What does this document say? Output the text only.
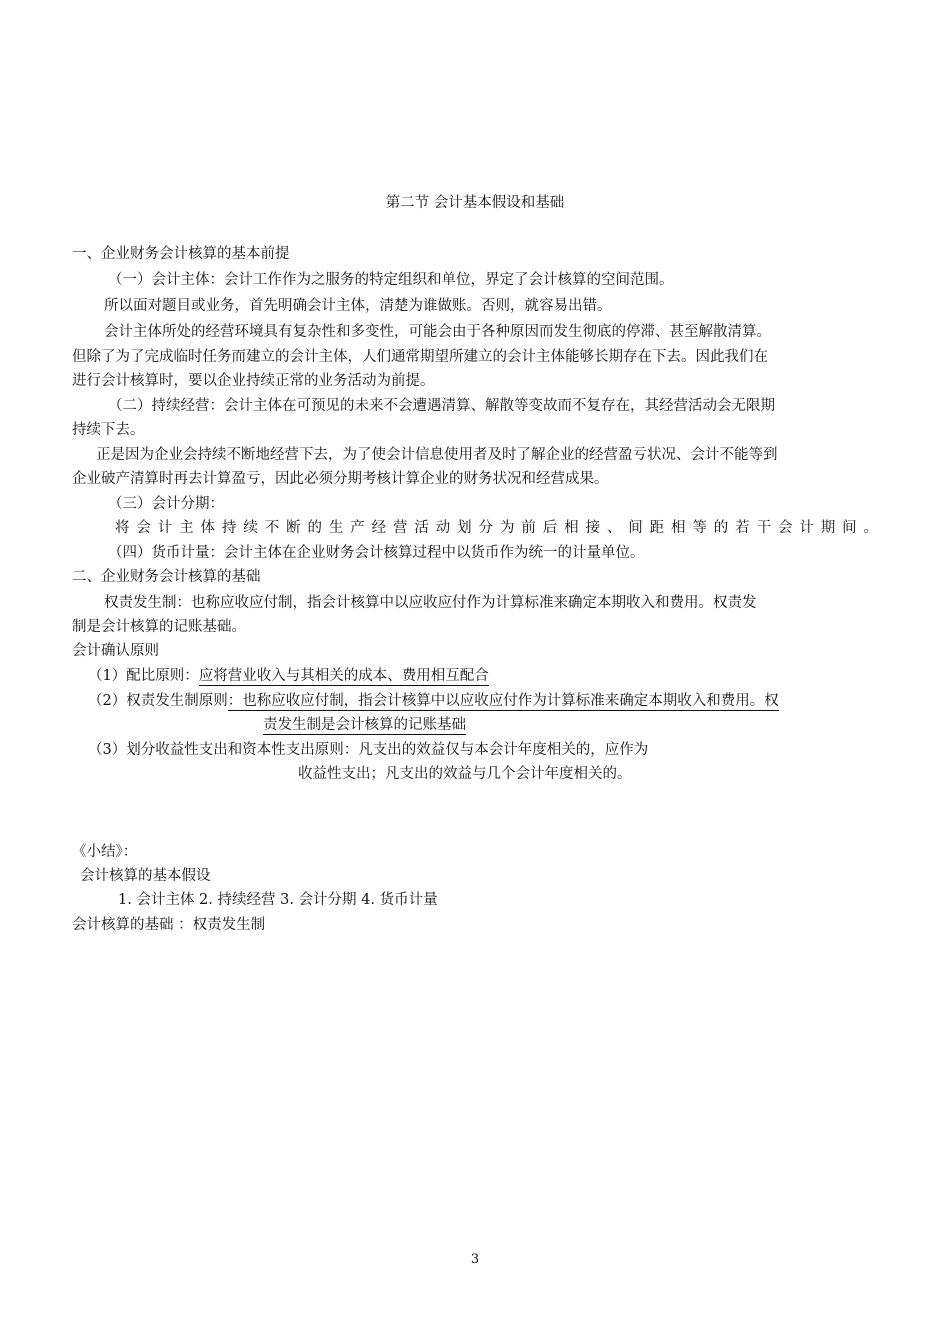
第二节 会计基本假设和基础
一、企业财务会计核算的基本前提
（一）会计主体：会计工作作为之服务的特定组织和单位，界定了会计核算的空间范围。
所以面对题目或业务，首先明确会计主体，清楚为谁做账。否则，就容易出错。
会计主体所处的经营环境具有复杂性和多变性，可能会由于各种原因而发生彻底的停滞、甚至解散清算。
但除了为了完成临时任务而建立的会计主体，人们通常期望所建立的会计主体能够长期存在下去。因此我们在
进行会计核算时，要以企业持续正常的业务活动为前提。
（二）持续经营：会计主体在可预见的未来不会遭遇清算、解散等变故而不复存在，其经营活动会无限期
持续下去。
正是因为企业会持续不断地经营下去，为了使会计信息使用者及时了解企业的经营盈亏状况、会计不能等到
企业破产清算时再去计算盈亏，因此必须分期考核计算企业的财务状况和经营成果。
（三）会计分期：
将会计主体持续不断的生产经营活动划分为前后相接、间距相等的若干会计期间。
（四）货币计量：会计主体在企业财务会计核算过程中以货币作为统一的计量单位。
二、企业财务会计核算的基础
权责发生制：也称应收应付制，指会计核算中以应收应付作为计算标准来确定本期收入和费用。权责发
制是会计核算的记账基础。
会计确认原则
（1）配比原则：应将营业收入与其相关的成本、费用相互配合
（2）权责发生制原则：也称应收应付制，指会计核算中以应收应付作为计算标准来确定本期收入和费用。权
责发生制是会计核算的记账基础
（3）划分收益性支出和资本性支出原则：凡支出的效益仅与本会计年度相关的，应作为
收益性支出；凡支出的效益与几个会计年度相关的。
《小结》：
会计核算的基本假设
1. 会计主体 2. 持续经营 3. 会计分期 4. 货币计量
会计核算的基础 ：权责发生制
3
